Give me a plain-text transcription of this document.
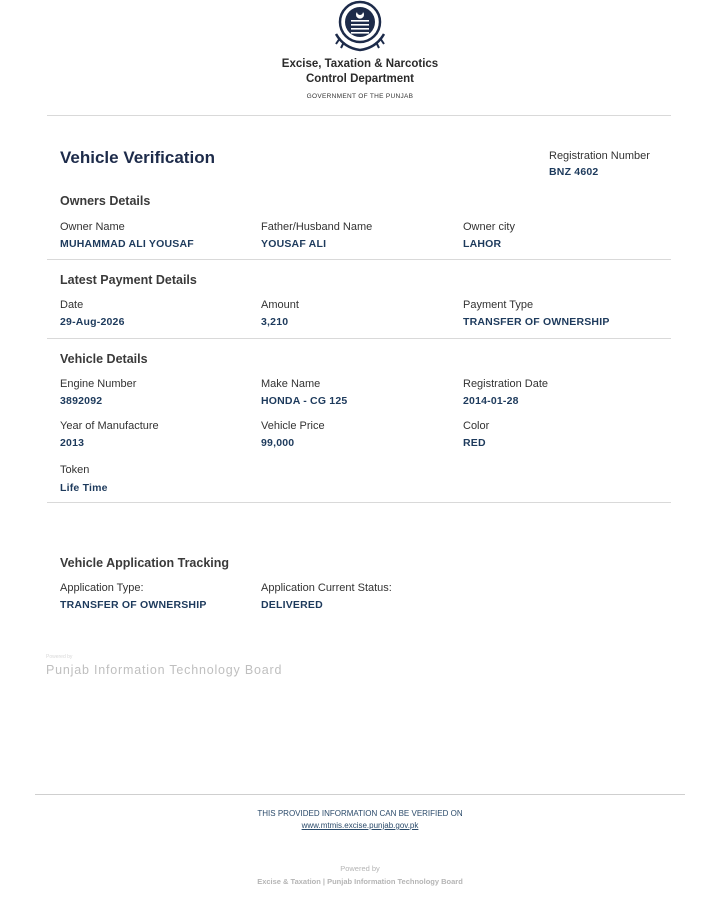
Excise, Taxation & Narcotics
Control Department
GOVERNMENT OF THE PUNJAB
Vehicle Verification	Registration Number
BNZ 4602
Owners Details
Owner Name
MUHAMMAD ALI YOUSAF
Father/Husband Name
YOUSAF ALI
Owner city
LAHOR
Latest Payment Details
Date
29-Aug-2026
Amount
3,210
Payment Type
TRANSFER OF OWNERSHIP
Vehicle Details
Engine Number
3892092
Make Name
HONDA - CG 125
Registration Date
2014-01-28
Year of Manufacture
2013
Vehicle Price
99,000
Color
RED
Token
Life Time
Vehicle Application Tracking
Application Type:
TRANSFER OF OWNERSHIP
Application Current Status:
DELIVERED
Powered by
Punjab Information Technology Board
THIS PROVIDED INFORMATION CAN BE VERIFIED ON
www.mtmis.excise.punjab.gov.pk
Powered by
Excise & Taxation | Punjab Information Technology Board
